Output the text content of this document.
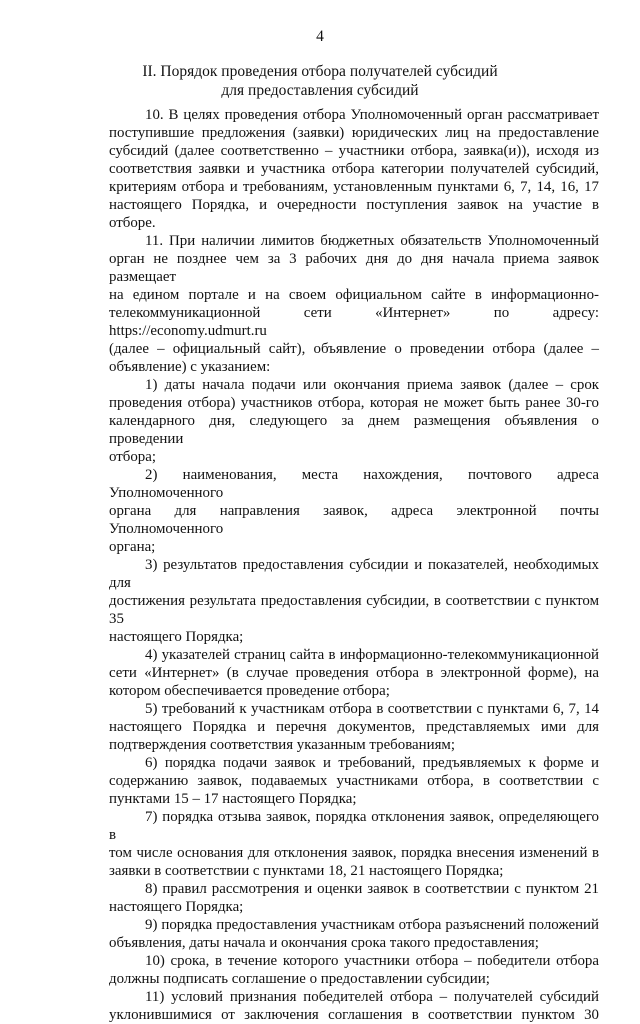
4
II. Порядок проведения отбора получателей субсидий
для предоставления субсидий

10. В целях проведения отбора Уполномоченный орган рассматривает
поступившие предложения (заявки) юридических лиц на предоставление
субсидий (далее соответственно – участники отбора, заявка(и)), исходя из
соответствия заявки и участника отбора категории получателей субсидий,
критериям отбора и требованиям, установленным пунктами 6, 7, 14, 16, 17
настоящего Порядка, и очередности поступления заявок на участие в отборе.

11. При наличии лимитов бюджетных обязательств Уполномоченный
орган не позднее чем за 3 рабочих дня до дня начала приема заявок размещает
на едином портале и на своем официальном сайте в информационно-
телекоммуникационной сети «Интернет» по адресу: https://economy.udmurt.ru
(далее – официальный сайт), объявление о проведении отбора (далее –
объявление) с указанием:

1) даты начала подачи или окончания приема заявок (далее – срок
проведения отбора) участников отбора, которая не может быть ранее 30-го
календарного дня, следующего за днем размещения объявления о проведении
отбора;

2) наименования, места нахождения, почтового адреса Уполномоченного
органа для направления заявок, адреса электронной почты Уполномоченного
органа;

3) результатов предоставления субсидии и показателей, необходимых для
достижения результата предоставления субсидии, в соответствии с пунктом 35
настоящего Порядка;

4) указателей страниц сайта в информационно-телекоммуникационной
сети «Интернет» (в случае проведения отбора в электронной форме), на
котором обеспечивается проведение отбора;

5) требований к участникам отбора в соответствии с пунктами 6, 7, 14
настоящего Порядка и перечня документов, представляемых ими для
подтверждения соответствия указанным требованиям;

6) порядка подачи заявок и требований, предъявляемых к форме и
содержанию заявок, подаваемых участниками отбора, в соответствии с
пунктами 15 – 17 настоящего Порядка;

7) порядка отзыва заявок, порядка отклонения заявок, определяющего в
том числе основания для отклонения заявок, порядка внесения изменений в
заявки в соответствии с пунктами 18, 21 настоящего Порядка;

8) правил рассмотрения и оценки заявок в соответствии с пунктом 21
настоящего Порядка;

9) порядка предоставления участникам отбора разъяснений положений
объявления, даты начала и окончания срока такого предоставления;

10) срока, в течение которого участники отбора – победители отбора
должны подписать соглашение о предоставлении субсидии;

11) условий признания победителей отбора – получателей субсидий
уклонившимися от заключения соглашения в соответствии пунктом 30
